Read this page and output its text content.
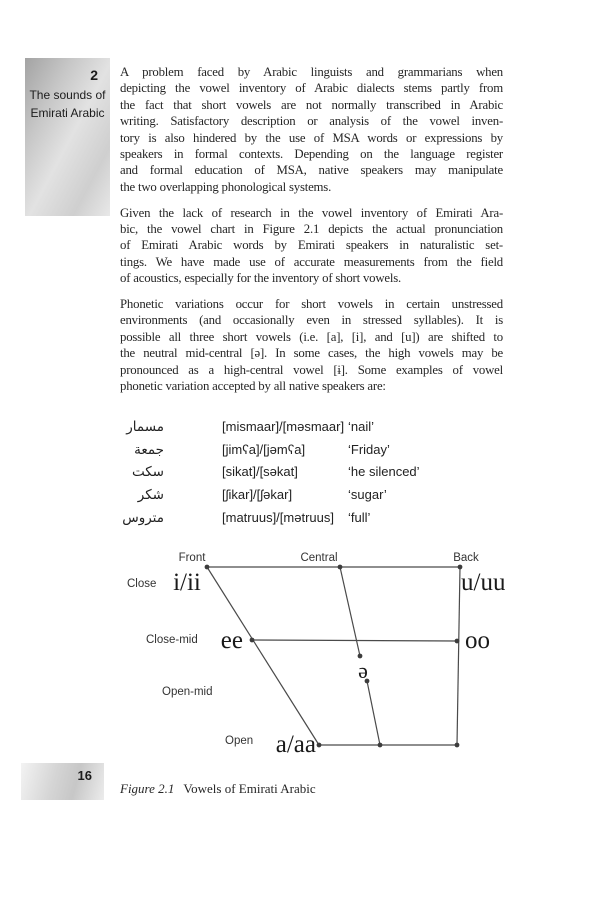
2
The sounds of
Emirati Arabic
A problem faced by Arabic linguists and grammarians when
depicting the vowel inventory of Arabic dialects stems partly from
the fact that short vowels are not normally transcribed in Arabic
writing. Satisfactory description or analysis of the vowel inven-
tory is also hindered by the use of MSA words or expressions by
speakers in formal contexts. Depending on the language register
and formal education of MSA, native speakers may manipulate
the two overlapping phonological systems.
Given the lack of research in the vowel inventory of Emirati Ara-
bic, the vowel chart in Figure 2.1 depicts the actual pronunciation
of Emirati Arabic words by Emirati speakers in naturalistic set-
tings. We have made use of accurate measurements from the field
of acoustics, especially for the inventory of short vowels.
Phonetic variations occur for short vowels in certain unstressed
environments (and occasionally even in stressed syllables). It is
possible all three short vowels (i.e. [a], [i], and [u]) are shifted to
the neutral mid-central [ə]. In some cases, the high vowels may be
pronounced as a high-central vowel [ɨ]. Some examples of vowel
phonetic variation accepted by all native speakers are:
مسمار	[mismaar]/[məsmaar] ‘nail’
جمعة	[jimʕa]/[jəmʕa]	‘Friday’
سكت	[sikat]/[səkat]	‘he silenced’
شكر	[ʃikar]/[ʃəkar]	‘sugar’
متروس	[matruus]/[mətruus]	‘full’
Front	Central	Back
Close
Close-mid
Open-mid
Open
i/ii	u/uu
ee	oo
ə
a/aa
Figure 2.1 Vowels of Emirati Arabic
16
